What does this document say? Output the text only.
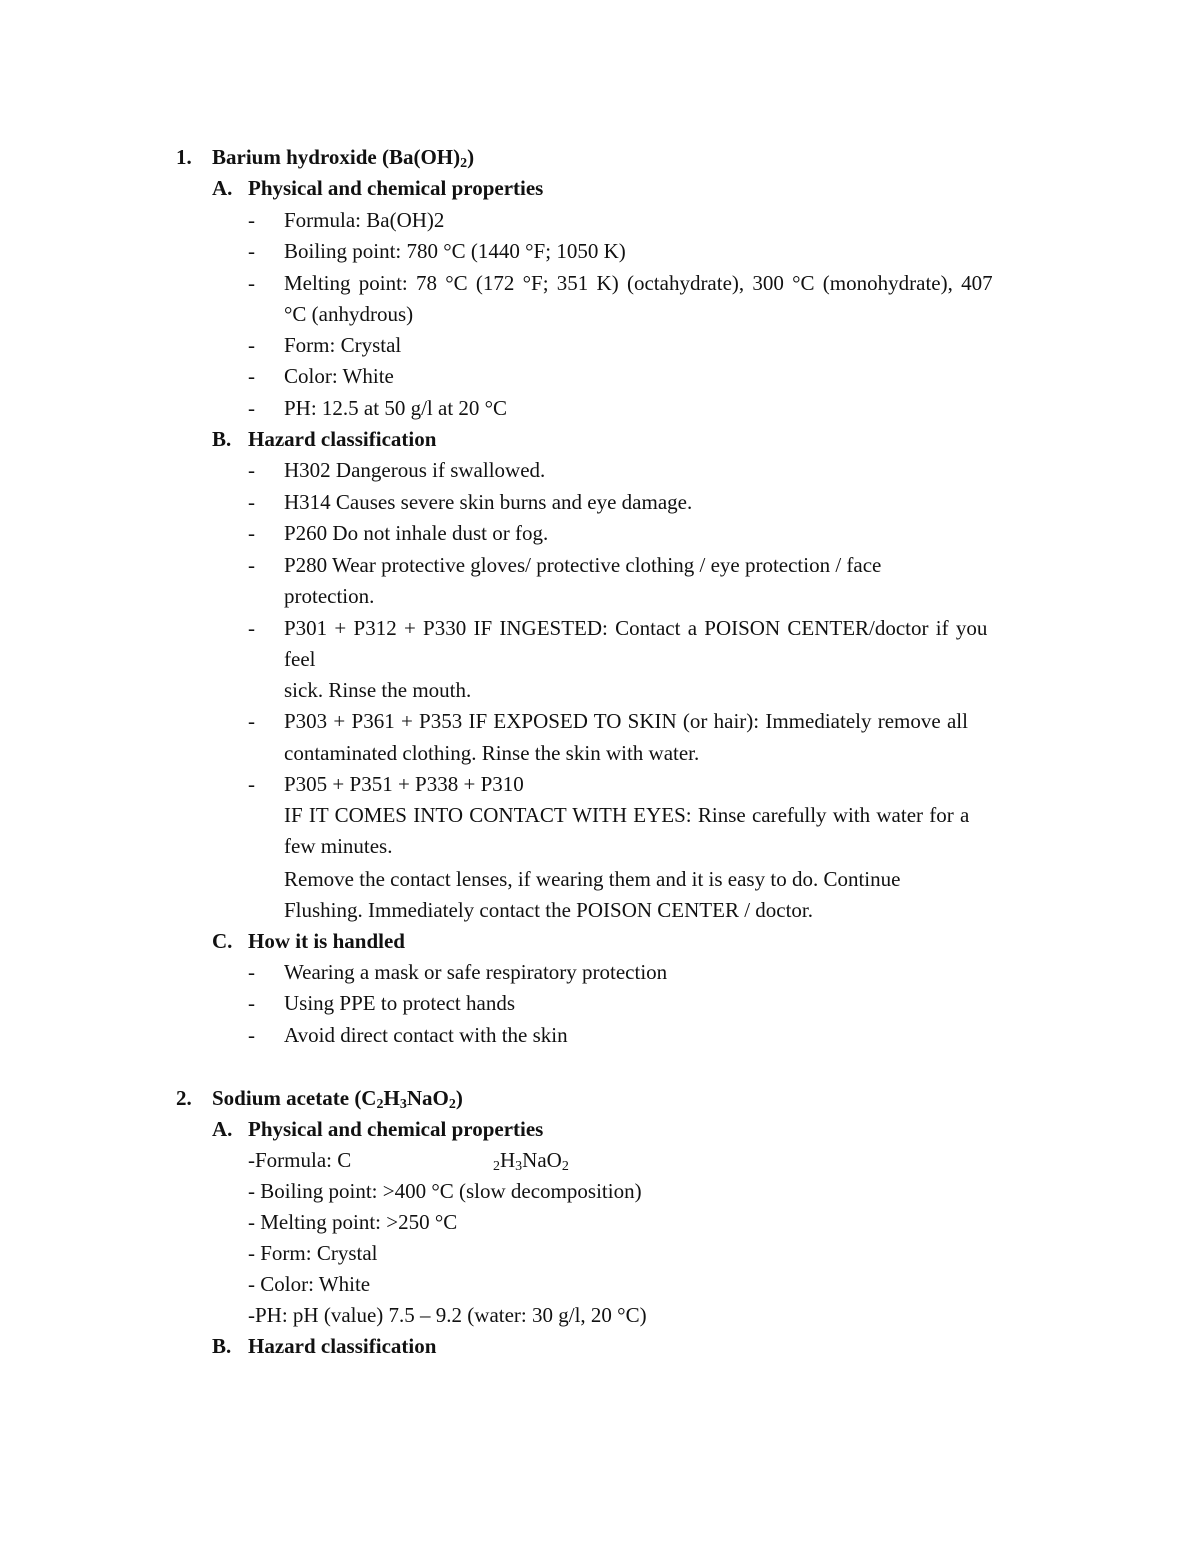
1. Barium hydroxide $(Ba(OH)_2)$
A. Physical and chemical properties
- Formula: Ba(OH)2
- Boiling point: 780 °C (1440 °F; 1050 K)
- Melting point: 78 °C (172 °F; 351 K) (octahydrate), 300 °C (monohydrate), 407
°C (anhydrous)
- Form: Crystal
- Color: White
- PH: 12.5 at 50 g/l at 20 °C
B. Hazard classification
- H302 Dangerous if swallowed.
- H314 Causes severe skin burns and eye damage.
- P260 Do not inhale dust or fog.
- P280 Wear protective gloves/ protective clothing / eye protection / face
protection.
- P301 + P312 + P330 IF INGESTED: Contact a POISON CENTER/doctor if you
feel
sick. Rinse the mouth.
- P303 + P361 + P353 IF EXPOSED TO SKIN (or hair): Immediately remove all
contaminated clothing. Rinse the skin with water.
- P305 + P351 + P338 + P310
IF IT COMES INTO CONTACT WITH EYES: Rinse carefully with water for a
few minutes.
Remove the contact lenses, if wearing them and it is easy to do. Continue
Flushing. Immediately contact the POISON CENTER / doctor.
C. How it is handled
- Wearing a mask or safe respiratory protection
- Using PPE to protect hands
- Avoid direct contact with the skin
2. Sodium acetate $(C_2H_3NaO_2)$
A. Physical and chemical properties
-Formula: C	$_2H_3NaO_2$
- Boiling point: >400 °C (slow decomposition)
- Melting point: >250 °C
- Form: Crystal
- Color: White
-PH: pH (value) 7.5 – 9.2 (water: 30 g/l, 20 °C)
B. Hazard classification
